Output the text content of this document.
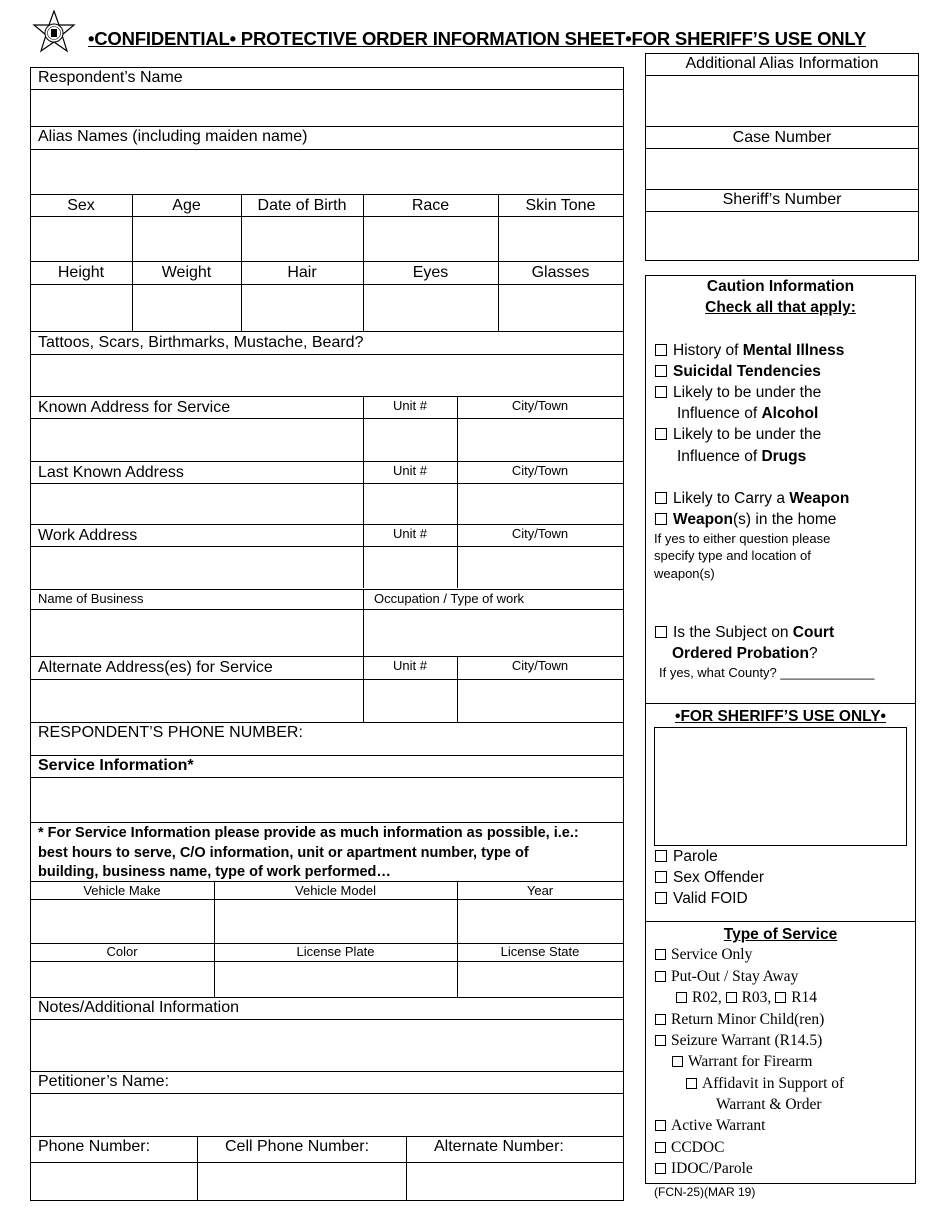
•CONFIDENTIAL• PROTECTIVE ORDER INFORMATION SHEET•FOR SHERIFF’S USE ONLY
Respondent’s Name
Alias Names (including maiden name)
Sex	Age	Date of Birth	Race	Skin Tone
Height	Weight	Hair	Eyes	Glasses
Tattoos, Scars, Birthmarks, Mustache, Beard?
Known Address for Service	Unit #	City/Town
Last Known Address	Unit #	City/Town
Work Address	Unit #	City/Town
Name of Business	Occupation / Type of work
Alternate Address(es) for Service	Unit #	City/Town
RESPONDENT’S PHONE NUMBER:
Service Information*
* For Service Information please provide as much information as possible, i.e.:
best hours to serve, C/O information, unit or apartment number, type of
building, business name, type of work performed…
Vehicle Make	Vehicle Model	Year
Color	License Plate	License State
Notes/Additional Information
Petitioner’s Name:
Phone Number:	Cell Phone Number:	Alternate Number:
Additional Alias Information
Case Number
Sheriff’s Number
Caution Information
Check all that apply:
History of Mental Illness
Suicidal Tendencies
Likely to be under the
Influence of Alcohol
Likely to be under the
Influence of Drugs
Likely to Carry a Weapon
Weapon(s) in the home
If yes to either question please
specify type and location of
weapon(s)
Is the Subject on Court
Ordered Probation?
If yes, what County? _____________
•FOR SHERIFF’S USE ONLY•
Parole
Sex Offender
Valid FOID
Type of Service
Service Only
Put-Out / Stay Away
R02, R03, R14
Return Minor Child(ren)
Seizure Warrant (R14.5)
Warrant for Firearm
Affidavit in Support of
Warrant & Order
Active Warrant
CCDOC
IDOC/Parole
(FCN-25)(MAR 19)
